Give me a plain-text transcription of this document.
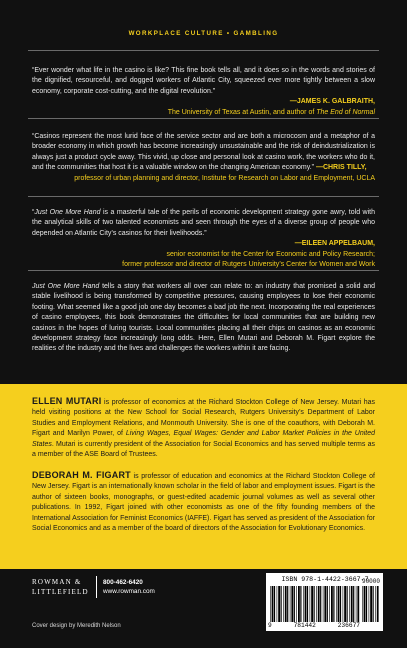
WORKPLACE CULTURE • GAMBLING
“Ever wonder what life in the casino is like? This fine book tells all, and it does so in the words and stories of the dignified, resourceful, and dogged workers of Atlantic City, squeezed ever more tightly between a slow economy, corporate cost-cutting, and the digital revolution.”
—JAMES K. GALBRAITH,
The University of Texas at Austin, and author of The End of Normal
“Casinos represent the most lurid face of the service sector and are both a microcosm and a metaphor of a broader economy in which growth has become increasingly unsustainable and the risk of deindustrialization is always just a product cycle away. This vivid, up close and personal look at casino work, the workers who do it, and the communities that host it is a valuable window on the changing American economy.” —CHRIS TILLY,
professor of urban planning and director, Institute for Research on Labor and Employment, UCLA
“Just One More Hand is a masterful tale of the perils of economic development strategy gone awry, told with the analytical skills of two talented economists and seen through the eyes of a diverse group of people who depended on Atlantic City’s casinos for their livelihoods.”
—EILEEN APPELBAUM,
senior economist for the Center for Economic and Policy Research;
former professor and director of Rutgers University’s Center for Women and Work
Just One More Hand tells a story that workers all over can relate to: an industry that promised a solid and stable livelihood is being transformed by competitive pressures, causing employees to lose their economic footing. What seemed like a good job one day becomes a bad job the next. Incorporating the real experiences of casino employees, this book demonstrates the difficulties for local communities that are building new casinos in the hopes of luring tourists. Local communities placing all their chips on casinos as an economic development strategy face increasingly long odds. Here, Ellen Mutari and Deborah M. Figart explore the realities of the industry and the lives and challenges the workers within it are facing.
ELLEN MUTARI is professor of economics at the Richard Stockton College of New Jersey. Mutari has held visiting positions at the New School for Social Research, Rutgers University’s Department of Labor Studies and Employment Relations, and Monmouth University. She is one of the coauthors, with Deborah M. Figart and Marilyn Power, of Living Wages, Equal Wages: Gender and Labor Market Policies in the United States. Mutari is currently president of the Association for Social Economics and has served multiple terms as a member of the ASE Board of Trustees.
DEBORAH M. FIGART is professor of education and economics at the Richard Stockton College of New Jersey. Figart is an internationally known scholar in the field of labor and employment issues. Figart is the author of sixteen books, monographs, or guest-edited academic journal volumes as well as several other publications. In 1992, Figart joined with other economists as one of the fifty founding members of the International Association for Feminist Economics (IAFFE). Figart has served as president of the Association for Social Economics and as a member of the board of directors of the Association for Evolutionary Economics.
ROWMAN &
LITTLEFIELD
800-462-6420
www.rowman.com
ISBN 978-1-4422-3667-7
90000
9	781442	236677
Cover design by Meredith Nelson
